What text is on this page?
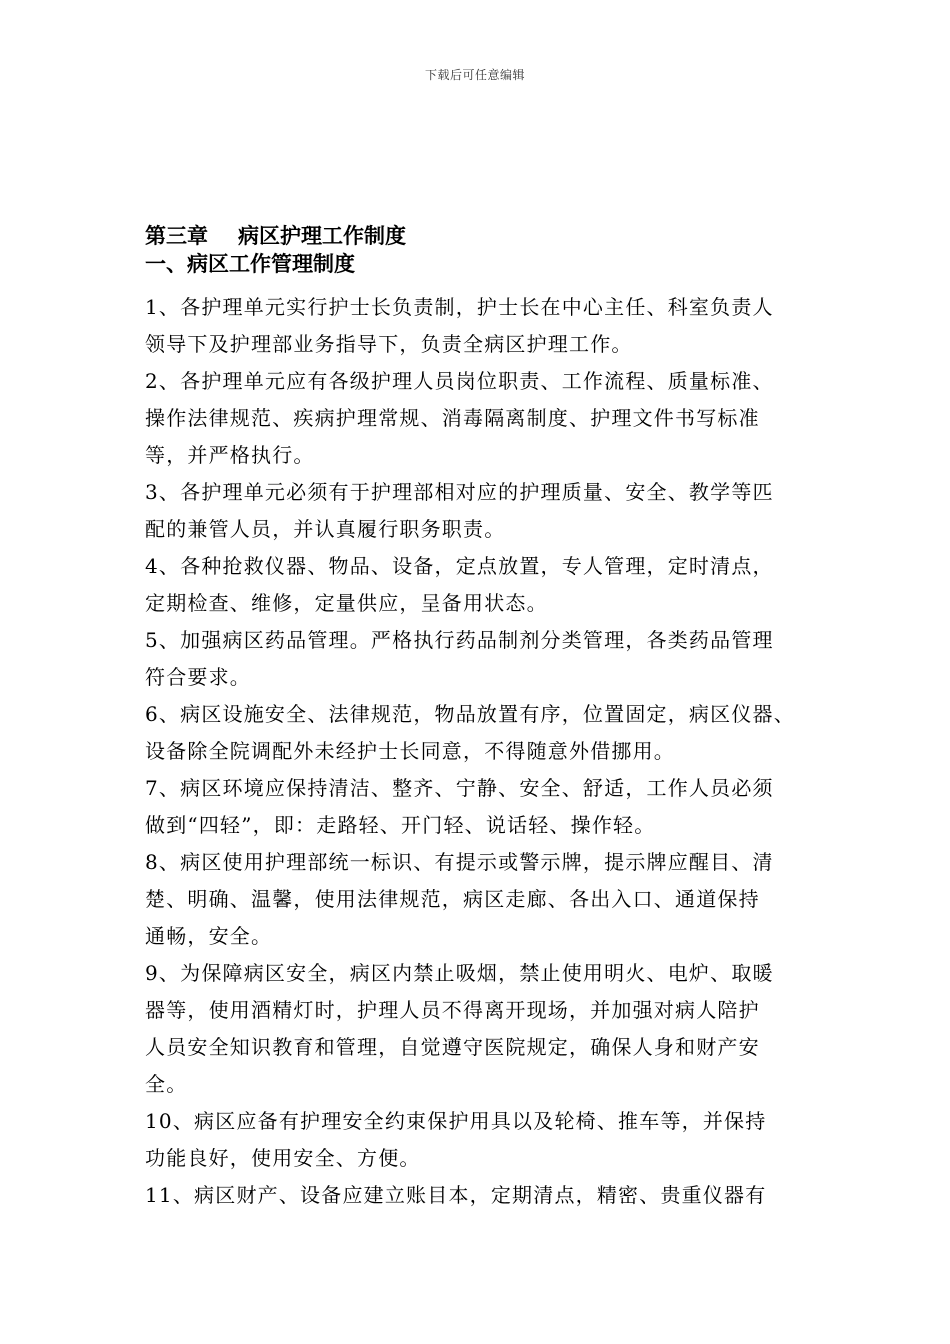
下载后可任意编辑
第三章 病区护理工作制度
一、病区工作管理制度
1、各护理单元实行护士长负责制，护士长在中心主任、科室负责人
领导下及护理部业务指导下，负责全病区护理工作。
2、各护理单元应有各级护理人员岗位职责、工作流程、质量标准、
操作法律规范、疾病护理常规、消毒隔离制度、护理文件书写标准
等，并严格执行。
3、各护理单元必须有于护理部相对应的护理质量、安全、教学等匹
配的兼管人员，并认真履行职务职责。
4、各种抢救仪器、物品、设备，定点放置，专人管理，定时清点，
定期检查、维修，定量供应，呈备用状态。
5、加强病区药品管理。严格执行药品制剂分类管理，各类药品管理
符合要求。
6、病区设施安全、法律规范，物品放置有序，位置固定，病区仪器、
设备除全院调配外未经护士长同意，不得随意外借挪用。
7、病区环境应保持清洁、整齐、宁静、安全、舒适，工作人员必须
做到“四轻”，即：走路轻、开门轻、说话轻、操作轻。
8、病区使用护理部统一标识、有提示或警示牌，提示牌应醒目、清
楚、明确、温馨，使用法律规范，病区走廊、各出入口、通道保持
通畅，安全。
9、为保障病区安全，病区内禁止吸烟，禁止使用明火、电炉、取暖
器等，使用酒精灯时，护理人员不得离开现场，并加强对病人陪护
人员安全知识教育和管理，自觉遵守医院规定，确保人身和财产安
全。
10、病区应备有护理安全约束保护用具以及轮椅、推车等，并保持
功能良好，使用安全、方便。
11、病区财产、设备应建立账目本，定期清点，精密、贵重仪器有
